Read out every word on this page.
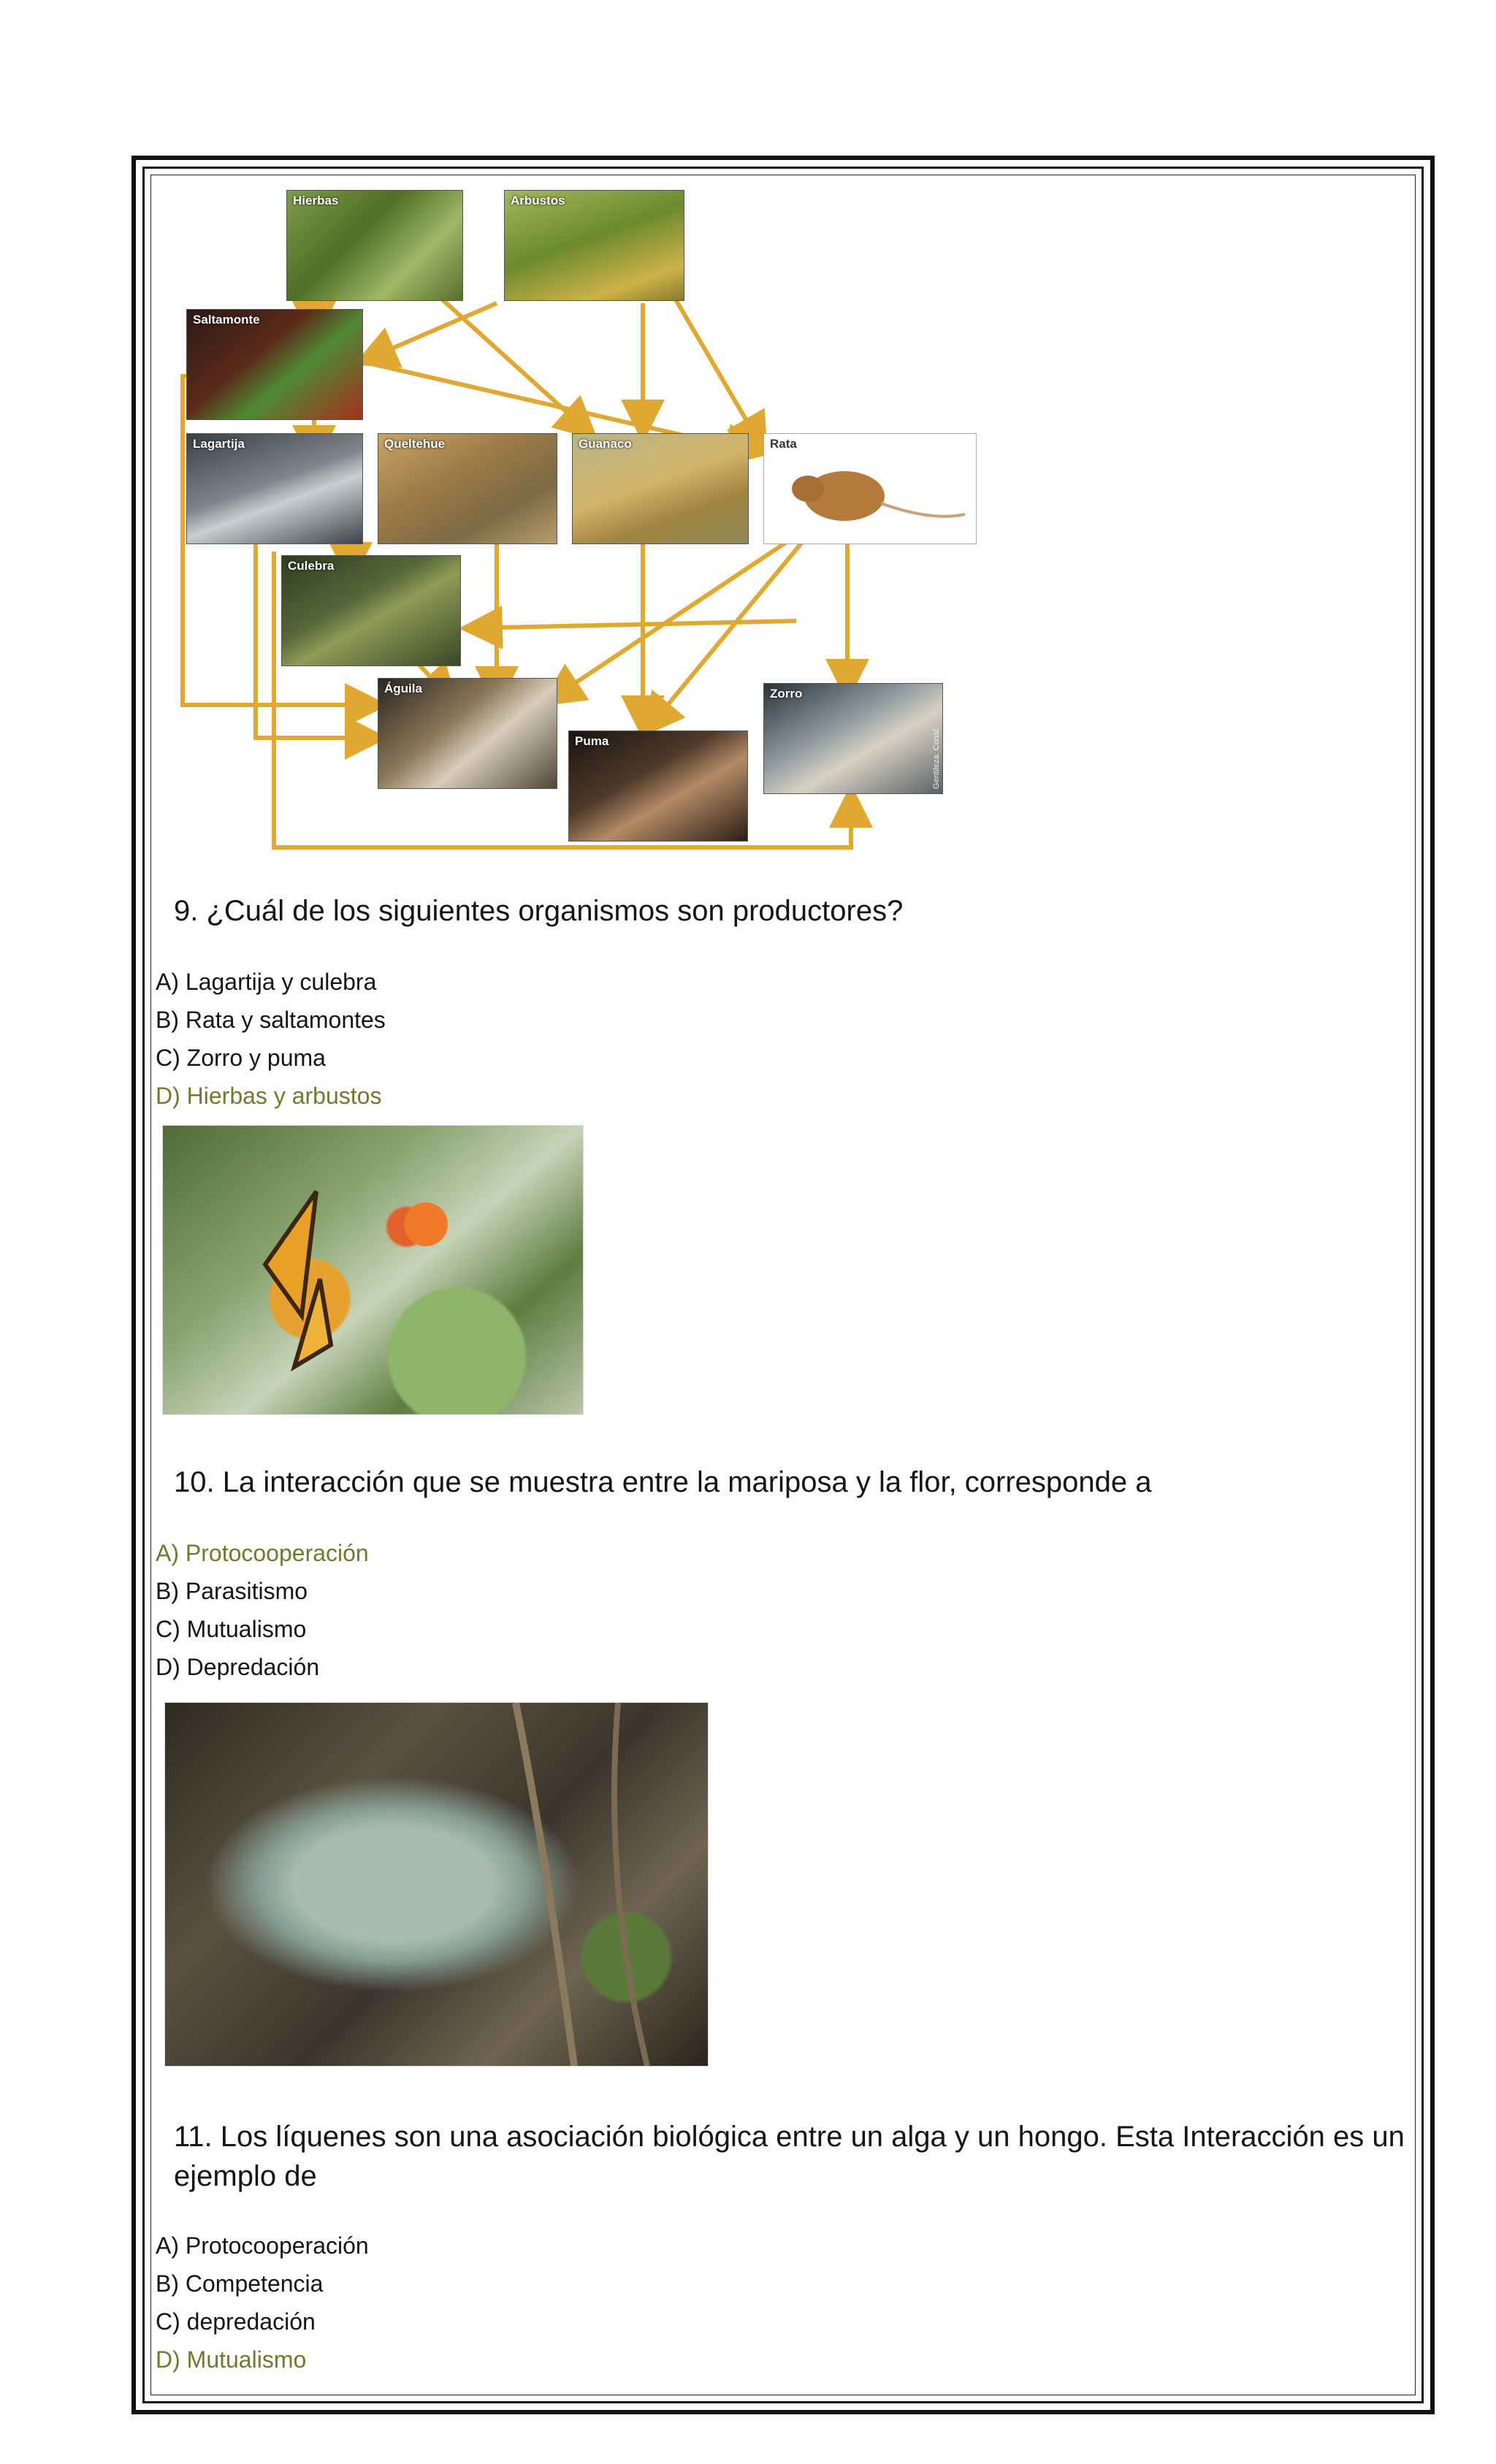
Hierbas	Arbustos
Saltamonte
Lagartija	Queltehue	Guanaco	Rata
Culebra
Águila
Puma
Zorro
Gentileza: Conaf
9. ¿Cuál de los siguientes organismos son productores?
A) Lagartija y culebra
B) Rata y saltamontes
C) Zorro y puma
D) Hierbas y arbustos
10. La interacción que se muestra entre la mariposa y la flor, corresponde a
A) Protocooperación
B) Parasitismo
C) Mutualismo
D) Depredación
11. Los líquenes son una asociación biológica entre un alga y un hongo. Esta Interacción es un
ejemplo de
A) Protocooperación
B) Competencia
C) depredación
D) Mutualismo
